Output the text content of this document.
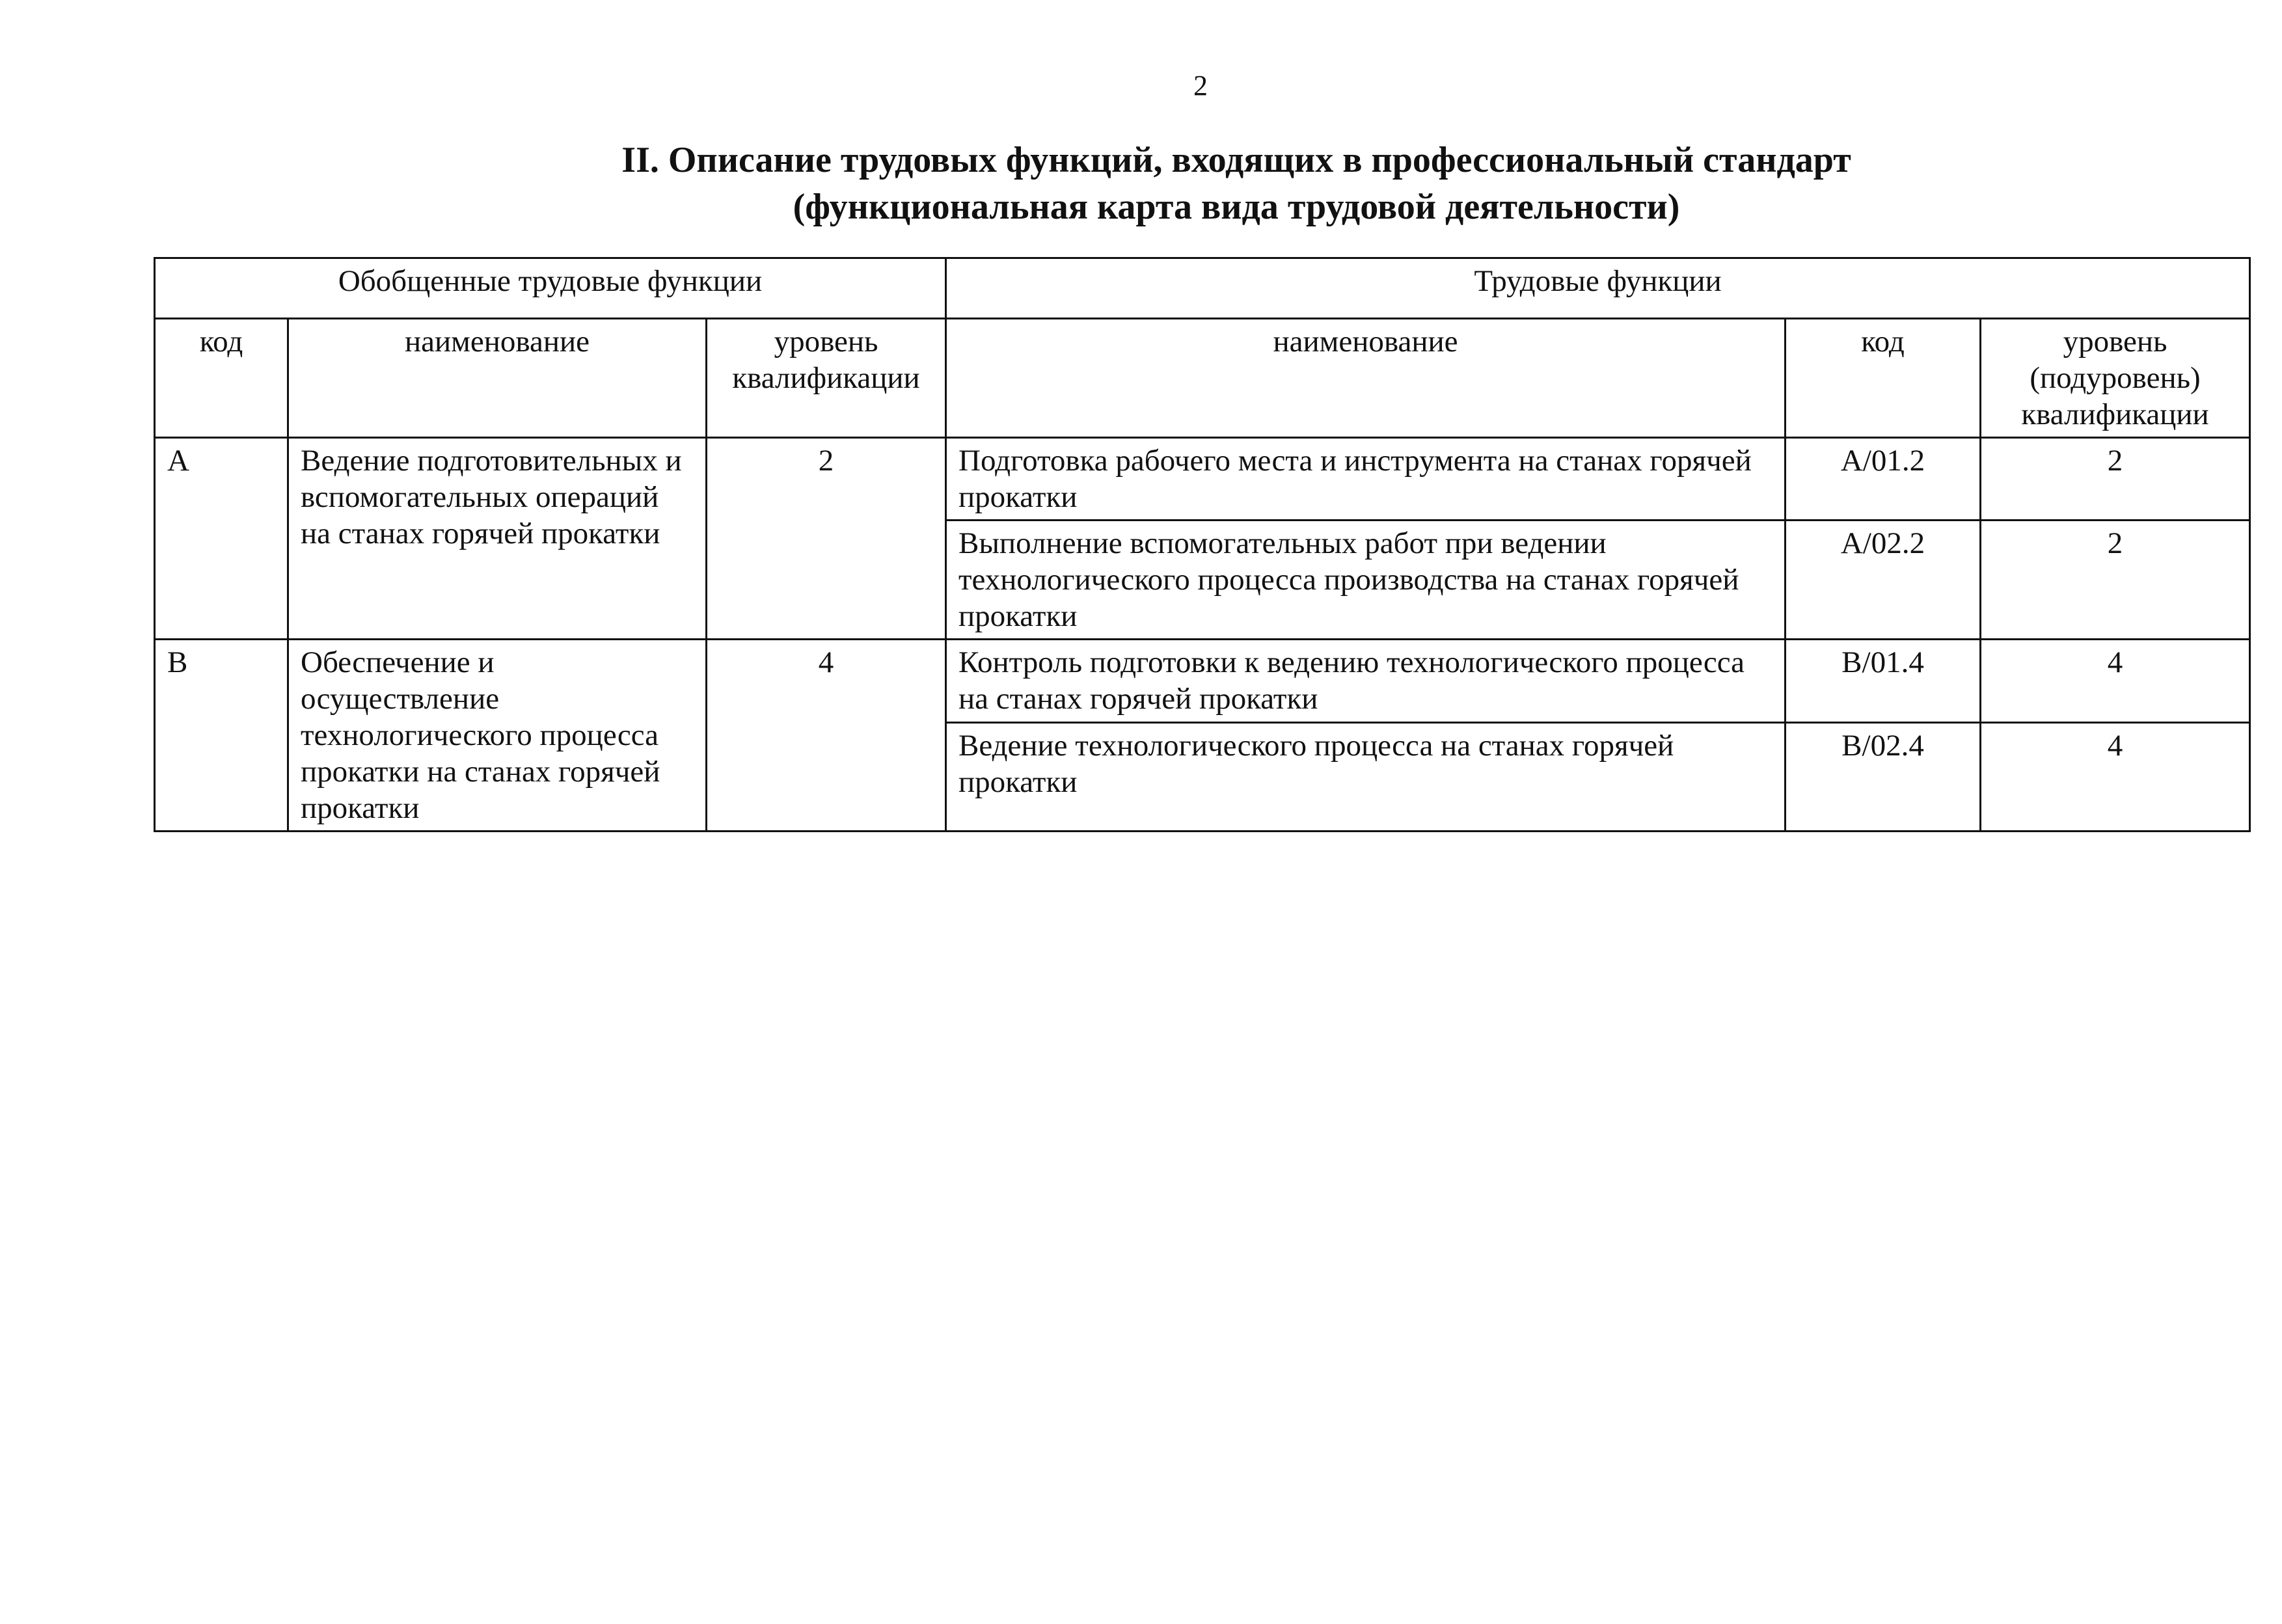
2
II. Описание трудовых функций, входящих в профессиональный стандарт
(функциональная карта вида трудовой деятельности)
Обобщенные трудовые функции			Трудовые функции		
код	наименование	уровень квалификации	наименование	код	уровень (подуровень) квалификации
A	Ведение подготовительных и вспомогательных операций на станах горячей прокатки	2	Подготовка рабочего места и инструмента на станах горячей прокатки	A/01.2	2
			Выполнение вспомогательных работ при ведении технологического процесса производства на станах горячей прокатки	A/02.2	2
B	Обеспечение и осуществление технологического процесса прокатки на станах горячей прокатки	4	Контроль подготовки к ведению технологического процесса на станах горячей прокатки	B/01.4	4
			Ведение технологического процесса на станах горячей прокатки	B/02.4	4
